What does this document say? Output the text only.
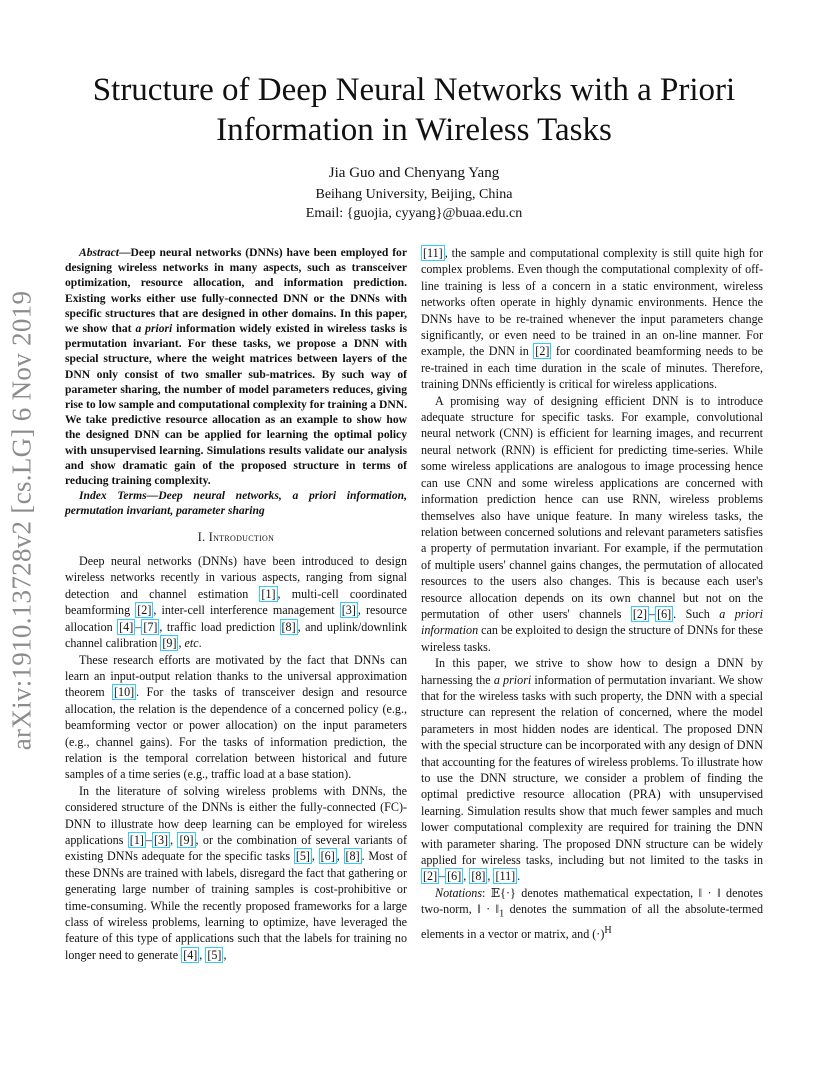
arXiv:1910.13728v2 [cs.LG] 6 Nov 2019
Structure of Deep Neural Networks with a Priori Information in Wireless Tasks
Jia Guo and Chenyang Yang
Beihang University, Beijing, China
Email: {guojia, cyyang}@buaa.edu.cn

Abstract—Deep neural networks (DNNs) have been employed for designing wireless networks in many aspects, such as transceiver optimization, resource allocation, and information prediction. Existing works either use fully-connected DNN or the DNNs with specific structures that are designed in other domains. In this paper, we show that a priori information widely existed in wireless tasks is permutation invariant. For these tasks, we propose a DNN with special structure, where the weight matrices between layers of the DNN only consist of two smaller sub-matrices. By such way of parameter sharing, the number of model parameters reduces, giving rise to low sample and computational complexity for training a DNN. We take predictive resource allocation as an example to show how the designed DNN can be applied for learning the optimal policy with unsupervised learning. Simulations results validate our analysis and show dramatic gain of the proposed structure in terms of reducing training complexity.

Index Terms—Deep neural networks, a priori information, permutation invariant, parameter sharing

I. Introduction

Deep neural networks (DNNs) have been introduced to design wireless networks recently in various aspects, ranging from signal detection and channel estimation [1] , multi-cell coordinated beamforming [2] , inter-cell interference management [3] , resource allocation [4] – [7] , traffic load prediction [8] , and uplink/downlink channel calibration [9] , etc.

These research efforts are motivated by the fact that DNNs can learn an input-output relation thanks to the universal approximation theorem [10] . For the tasks of transceiver design and resource allocation, the relation is the dependence of a concerned policy (e.g., beamforming vector or power allocation) on the input parameters (e.g., channel gains). For the tasks of information prediction, the relation is the temporal correlation between historical and future samples of a time series (e.g., traffic load at a base station).

In the literature of solving wireless problems with DNNs, the considered structure of the DNNs is either the fully-connected (FC)-DNN to illustrate how deep learning can be employed for wireless applications [1] – [3] , [9] , or the combination of several variants of existing DNNs adequate for the specific tasks [5] , [6] , [8] . Most of these DNNs are trained with labels, disregard the fact that gathering or generating large number of training samples is cost-prohibitive or time-consuming. While the recently proposed frameworks for a large class of wireless problems, learning to optimize, have leveraged the feature of this type of applications such that the labels for training no longer need to generate [4] , [5] ,

[11] , the sample and computational complexity is still quite high for complex problems. Even though the computational complexity of off-line training is less of a concern in a static environment, wireless networks often operate in highly dynamic environments. Hence the DNNs have to be re-trained whenever the input parameters change significantly, or even need to be trained in an on-line manner. For example, the DNN in [2] for coordinated beamforming needs to be re-trained in each time duration in the scale of minutes. Therefore, training DNNs efficiently is critical for wireless applications.

A promising way of designing efficient DNN is to introduce adequate structure for specific tasks. For example, convolutional neural network (CNN) is efficient for learning images, and recurrent neural network (RNN) is efficient for predicting time-series. While some wireless applications are analogous to image processing hence can use CNN and some wireless applications are concerned with information prediction hence can use RNN, wireless problems themselves also have unique feature. In many wireless tasks, the relation between concerned solutions and relevant parameters satisfies a property of permutation invariant. For example, if the permutation of multiple users' channel gains changes, the permutation of allocated resources to the users also changes. This is because each user's resource allocation depends on its own channel but not on the permutation of other users' channels [2] – [6] . Such a priori information can be exploited to design the structure of DNNs for these wireless tasks.

In this paper, we strive to show how to design a DNN by harnessing the a priori information of permutation invariant. We show that for the wireless tasks with such property, the DNN with a special structure can represent the relation of concerned, where the model parameters in most hidden nodes are identical. The proposed DNN with the special structure can be incorporated with any design of DNN that accounting for the features of wireless problems. To illustrate how to use the DNN structure, we consider a problem of finding the optimal predictive resource allocation (PRA) with unsupervised learning. Simulation results show that much fewer samples and much lower computational complexity are required for training the DNN with parameter sharing. The proposed DNN structure can be widely applied for wireless tasks, including but not limited to the tasks in [2] – [6] , [8] , [11] .

Notations: 𝔼{·} denotes mathematical expectation, ‖ · ‖ denotes two-norm, ‖ · $‖_1$ denotes the summation of all the absolute-termed elements in a vector or matrix, and $(\cdot)^H$
